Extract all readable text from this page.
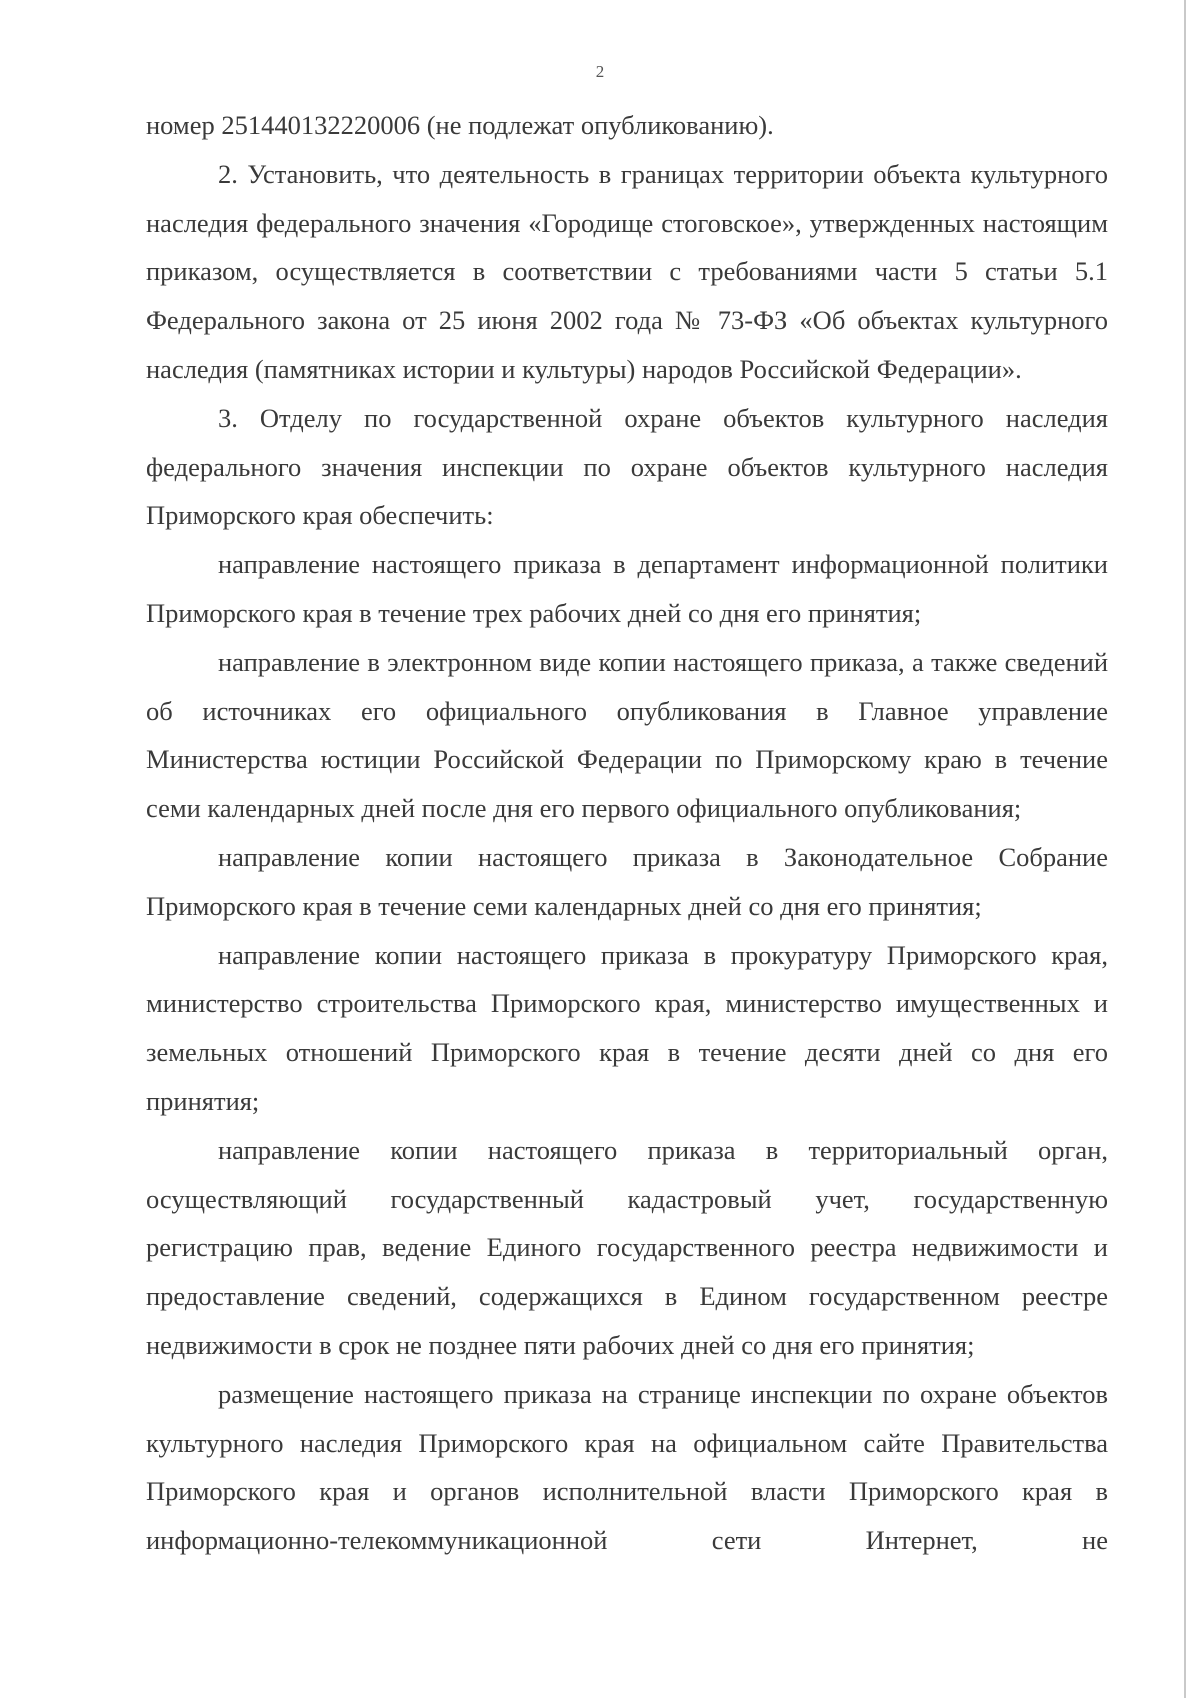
2

номер 251440132220006 (не подлежат опубликованию).

2. Установить, что деятельность в границах территории объекта культурного наследия федерального значения «Городище стоговское», утвержденных настоящим приказом, осуществляется в соответствии с требованиями части 5 статьи 5.1 Федерального закона от 25 июня 2002 года № 73-ФЗ «Об объектах культурного наследия (памятниках истории и культуры) народов Российской Федерации».

3. Отделу по государственной охране объектов культурного наследия федерального значения инспекции по охране объектов культурного наследия Приморского края обеспечить:

направление настоящего приказа в департамент информационной политики Приморского края в течение трех рабочих дней со дня его принятия;

направление в электронном виде копии настоящего приказа, а также сведений об источниках его официального опубликования в Главное управление Министерства юстиции Российской Федерации по Приморскому краю в течение семи календарных дней после дня его первого официального опубликования;

направление копии настоящего приказа в Законодательное Собрание Приморского края в течение семи календарных дней со дня его принятия;

направление копии настоящего приказа в прокуратуру Приморского края, министерство строительства Приморского края, министерство имущественных и земельных отношений Приморского края в течение десяти дней со дня его принятия;

направление копии настоящего приказа в территориальный орган, осуществляющий государственный кадастровый учет, государственную регистрацию прав, ведение Единого государственного реестра недвижимости и предоставление сведений, содержащихся в Едином государственном реестре недвижимости в срок не позднее пяти рабочих дней со дня его принятия;

размещение настоящего приказа на странице инспекции по охране объектов культурного наследия Приморского края на официальном сайте Правительства Приморского края и органов исполнительной власти Приморского края в информационно-телекоммуникационной сети Интернет, не
